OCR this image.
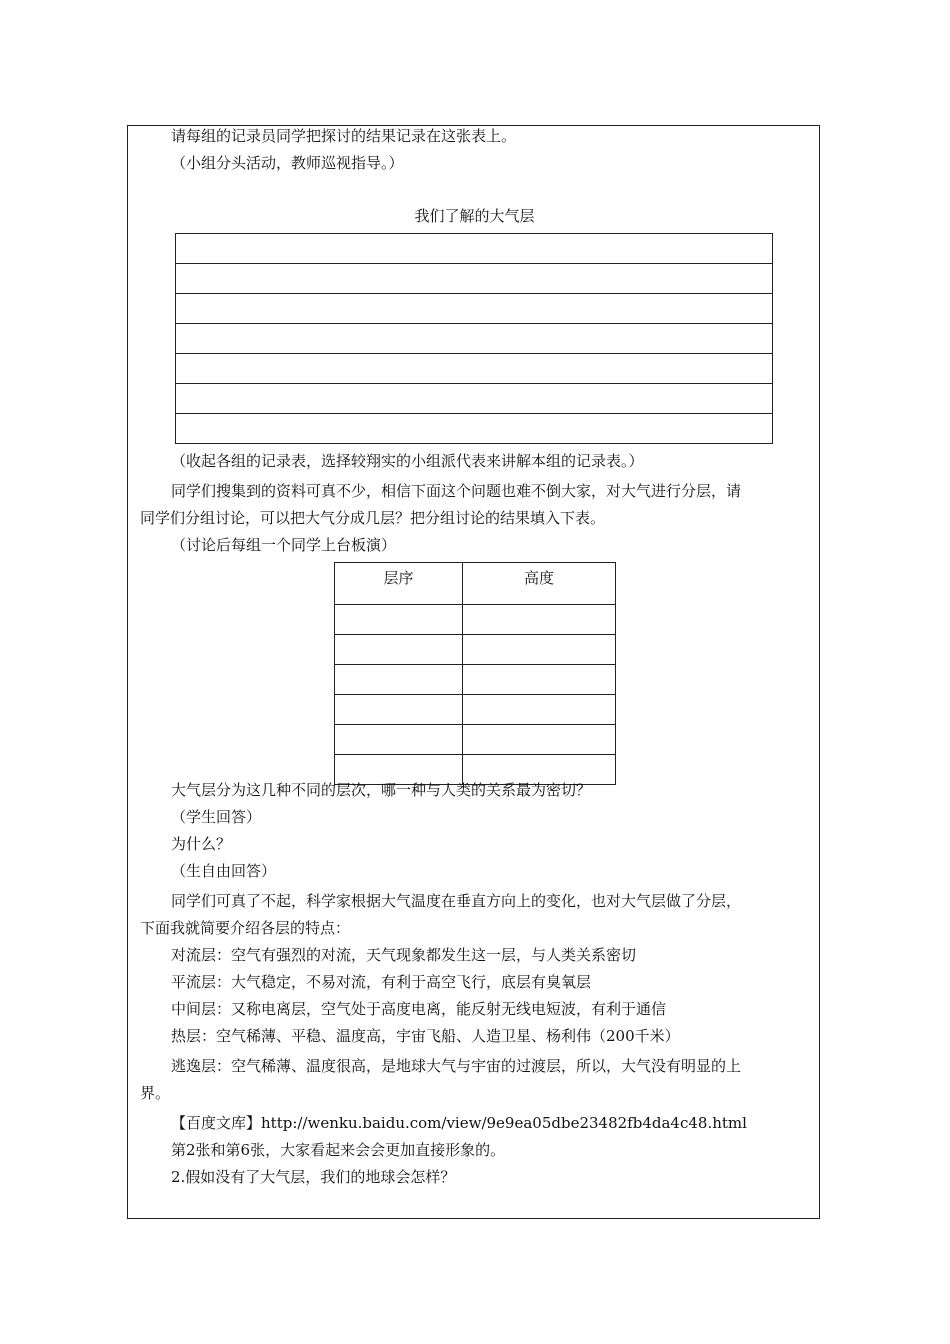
请每组的记录员同学把探讨的结果记录在这张表上。
（小组分头活动，教师巡视指导。）
我们了解的大气层

（收起各组的记录表，选择较翔实的小组派代表来讲解本组的记录表。）
同学们搜集到的资料可真不少，相信下面这个问题也难不倒大家，对大气进行分层，请
同学们分组讨论，可以把大气分成几层？把分组讨论的结果填入下表。
（讨论后每组一个同学上台板演）
层序	高度

大气层分为这几种不同的层次，哪一种与人类的关系最为密切？
（学生回答）
为什么？
（生自由回答）
同学们可真了不起，科学家根据大气温度在垂直方向上的变化，也对大气层做了分层，
下面我就简要介绍各层的特点：
对流层：空气有强烈的对流，天气现象都发生这一层，与人类关系密切
平流层：大气稳定，不易对流，有利于高空飞行，底层有臭氧层
中间层：又称电离层，空气处于高度电离，能反射无线电短波，有利于通信
热层：空气稀薄、平稳、温度高，宇宙飞船、人造卫星、杨利伟（200千米）
逃逸层：空气稀薄、温度很高，是地球大气与宇宙的过渡层，所以，大气没有明显的上
界。
【百度文库】http://wenku.baidu.com/view/9e9ea05dbe23482fb4da4c48.html
第2张和第6张，大家看起来会会更加直接形象的。
2.假如没有了大气层，我们的地球会怎样？
